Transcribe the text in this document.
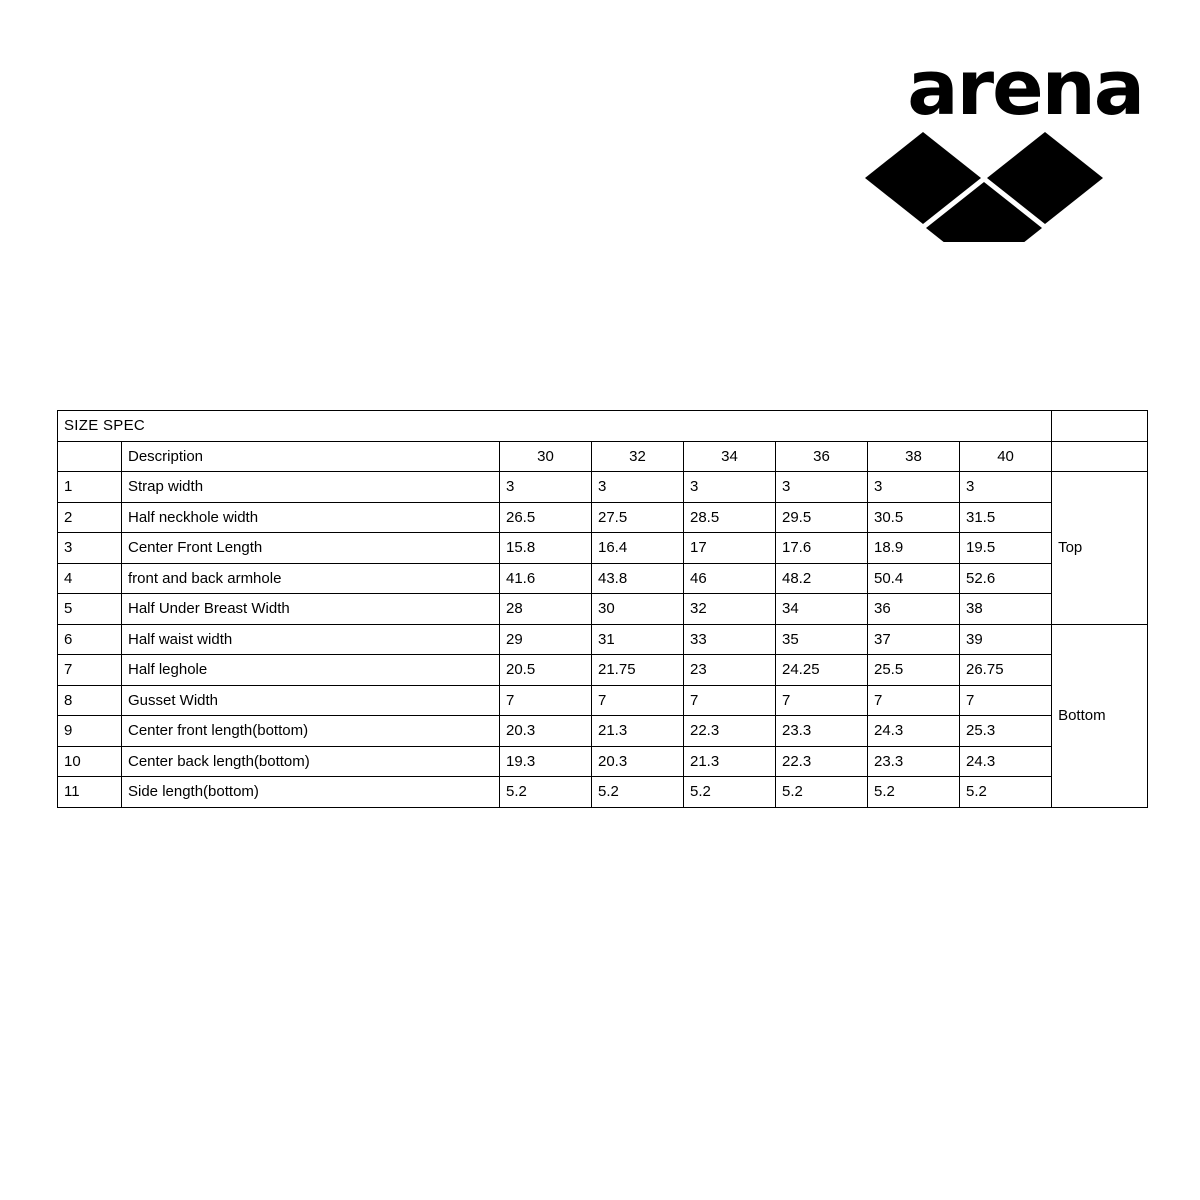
arena
SIZE SPEC								
	Description	30	32	34	36	38	40	
1	Strap width	3	3	3	3	3	3	Top
2	Half neckhole width	26.5	27.5	28.5	29.5	30.5	31.5	
3	Center Front Length	15.8	16.4	17	17.6	18.9	19.5	
4	front and back armhole	41.6	43.8	46	48.2	50.4	52.6	
5	Half Under Breast Width	28	30	32	34	36	38	
6	Half waist width	29	31	33	35	37	39	Bottom
7	Half leghole	20.5	21.75	23	24.25	25.5	26.75	
8	Gusset Width	7	7	7	7	7	7	
9	Center front length(bottom)	20.3	21.3	22.3	23.3	24.3	25.3	
10	Center back length(bottom)	19.3	20.3	21.3	22.3	23.3	24.3	
11	Side length(bottom)	5.2	5.2	5.2	5.2	5.2	5.2	
